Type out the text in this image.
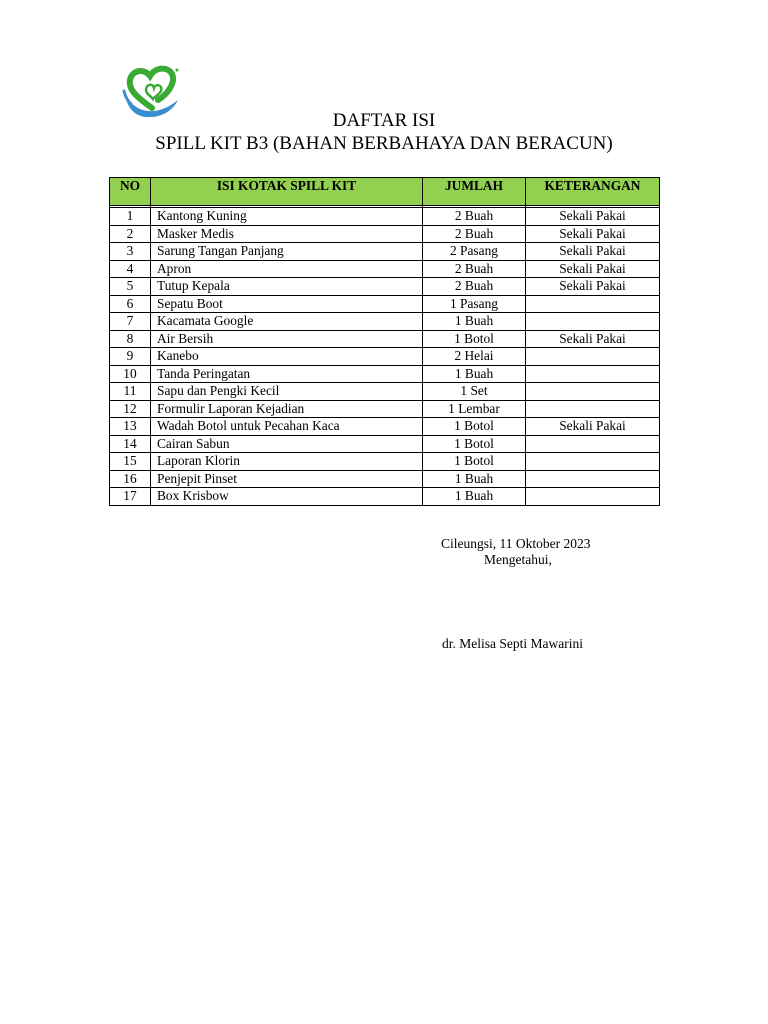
DAFTAR ISI
SPILL KIT B3 (BAHAN BERBAHAYA DAN BERACUN)
NO	ISI KOTAK SPILL KIT	JUMLAH	KETERANGAN

1	Kantong Kuning	2 Buah	Sekali Pakai
2	Masker Medis	2 Buah	Sekali Pakai
3	Sarung Tangan Panjang	2 Pasang	Sekali Pakai
4	Apron	2 Buah	Sekali Pakai
5	Tutup Kepala	2 Buah	Sekali Pakai
6	Sepatu Boot	1 Pasang	
7	Kacamata Google	1 Buah	
8	Air Bersih	1 Botol	Sekali Pakai
9	Kanebo	2 Helai	
10	Tanda Peringatan	1 Buah	
11	Sapu dan Pengki Kecil	1 Set	
12	Formulir Laporan Kejadian	1 Lembar	
13	Wadah Botol untuk Pecahan Kaca	1 Botol	Sekali Pakai
14	Cairan Sabun	1 Botol	
15	Laporan Klorin	1 Botol	
16	Penjepit Pinset	1 Buah	
17	Box Krisbow	1 Buah	
Cileungsi, 11 Oktober 2023
Mengetahui,
dr. Melisa Septi Mawarini
